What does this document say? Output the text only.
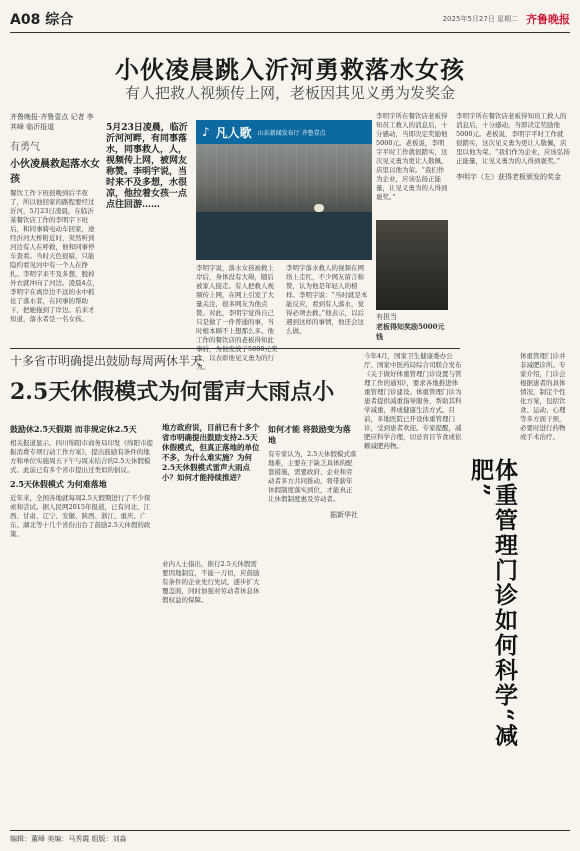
A08 综合	2025年5月27日 星期二 齐鲁晚报
小伙凌晨跳入沂河勇救落水女孩
有人把救人视频传上网，老板因其见义勇为发奖金
齐鲁晚报·齐鲁壹点 记者 李其峰 临沂报道
有勇气
小伙凌晨救起落水女孩
餐饮工作下班很晚到后半夜了，所以他回家的路程要经过沂河，5月23日凌晨，在临沂某餐饮店工作的李明宇下班后，和同事骑电动车回家，途经沂河大桥附近时，突然听到河边有人在呼救，他和同事停车查看。当时天色很暗，只能隐约看见河中有一个人在挣扎。李明宇来不及多想，脱掉外衣就冲向了河边。凌晨4点，李明宇在离岸边不远的水中抓住了落水者，在同事的帮助下，把她拖到了岸边。后来才知道，落水者是一名女孩。
5月23日凌晨，临沂沂河河畔，有同事落水，同事救人，人，视频传上网，被网友称赞。李明宇说，当时来不及多想，水很凉，他拉着女孩一点点往回游……
♪ 凡人歌 山东新闻发布厅 齐鲁壹点
李明宇说，落水女孩被救上岸后，身体没有大碍，随后被家人接走。有人把救人视频传上网，在网上引发了大量关注，很多网友为他点赞。对此，李明宇觉得自己只是做了一件普通的事，当时根本顾不上想那么多。他工作的餐饮店的老板得知此事后，为他发放了5000元奖金，以表彰他见义勇为的行为。
李明宇落水救人的视频在网络上走红，不少网友留言称赞，认为他是年轻人的榜样。李明宇说：“当时就是本能反应，看到有人落水，觉得必须去救。”他表示，以后遇到这样的事情，他还会这么做。
李明宇所在餐饮店老板得知员工救人的消息后，十分感动，当即决定奖励他5000元。老板说，李明宇平时工作就很踏实，这次见义勇为更让人敬佩，店里以他为荣。“我们作为企业，应该弘扬正能量，让见义勇为的人得到褒奖。”
有担当
老板得知奖励5000元钱
李明宇所在餐饮店老板得知员工救人的消息后，十分感动，当即决定奖励他5000元。老板说，李明宇平时工作就很踏实，这次见义勇为更让人敬佩，店里以他为荣。“我们作为企业，应该弘扬正能量，让见义勇为的人得到褒奖。”
李明宇（左）获得老板颁发的奖金
十多省市明确提出鼓励每周两休半天
2.5天休假模式为何雷声大雨点小
鼓励休2.5天假期 而非规定休2.5天
相关报道显示，四川绵阳市商务局印发《绵阳市提振消费专项行动工作方案》，提出鼓励有条件的地方和单位实施周五下午与周末结合的2.5天休假模式。此前已有多个省市提出过类似的倡议。
2.5天休假模式 为何难落地
近年来，全国各地就每周2.5天假期进行了不少探索和尝试。据人民网2015年报道，已有河北、江西、甘肃、辽宁、安徽、陕西、浙江、重庆、广东、湖北等十几个省份出台了鼓励2.5天休假的政策。
地方政府说，目前已有十多个省市明确提出鼓励支持2.5天休假模式，但真正落地的单位不多，为什么难实施？为何2.5天休假模式雷声大雨点小？如何才能持续推进？
业内人士指出，推行2.5天休假需要因地制宜，不能一刀切，应鼓励有条件的企业先行先试，逐步扩大覆盖面，同时加强对劳动者休息休假权益的保障。
如何才能 将鼓励变为落地
有专家认为，2.5天休假模式落地难，主要在于缺乏具体的配套措施，需要政府、企业和劳动者多方共同推动，将带薪年休假制度落实到位，才能真正让休假制度惠及劳动者。
据新华社
今年4月，国家卫生健康委办公厅、国家中医药局综合司联合发布《关于做好体重管理门诊设置与管理工作的通知》，要求各地推进体重管理门诊建设。体重管理门诊为患者提供减重指导服务，帮助其科学减重，养成健康生活方式。目前，多地医院已开设体重管理门诊，受到患者欢迎。专家提醒，减肥应科学合理，切忌盲目节食或依赖减肥药物。
体重管理门诊如何科学“减肥”
体重管理门诊并非减肥诊所。专家介绍，门诊会根据患者的具体情况，制定个性化方案，包括饮食、运动、心理等多方面干预，必要时进行药物或手术治疗。
编辑：董峰 美编：马秀霞 组版：刘淼
